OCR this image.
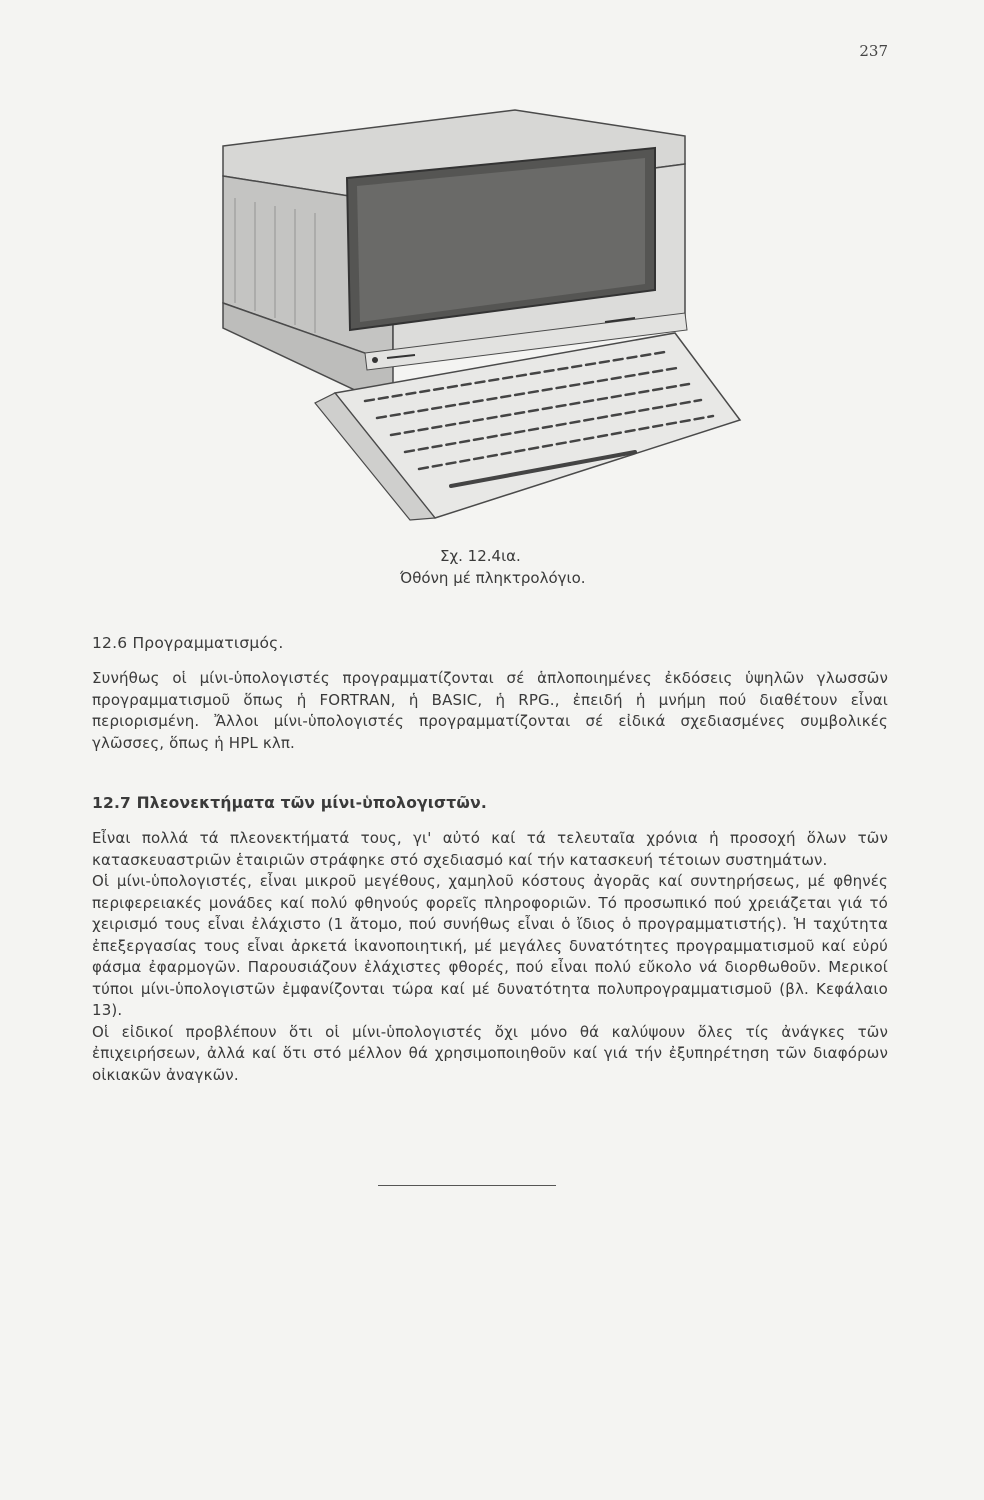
237
Σχ. 12.4ια.
Όθόνη μέ πληκτρολόγιο.
12.6 Προγραμματισμός.

Συνήθως οἱ μίνι-ὑπολογιστές προγραμματίζονται σέ ἁπλοποιημένες ἐκδόσεις ὑψηλῶν γλωσσῶν προγραμματισμοῦ ὅπως ἡ FORTRAN, ἡ BASIC, ἡ RPG., ἐπειδή ἡ μνήμη πού διαθέτουν εἶναι περιορισμένη. Ἄλλοι μίνι-ὑπολογιστές προγραμματίζονται σέ εἰδικά σχεδιασμένες συμβολικές γλῶσσες, ὅπως ἡ HPL κλπ.

12.7 Πλεονεκτήματα τῶν μίνι-ὑπολογιστῶν.

Εἶναι πολλά τά πλεονεκτήματά τους, γι' αὐτό καί τά τελευταῖα χρόνια ἡ προσοχή ὅλων τῶν κατασκευαστριῶν ἑταιριῶν στράφηκε στό σχεδιασμό καί τήν κατασκευή τέτοιων συστημάτων.

Οἱ μίνι-ὑπολογιστές, εἶναι μικροῦ μεγέθους, χαμηλοῦ κόστους ἀγορᾶς καί συντηρήσεως, μέ φθηνές περιφερειακές μονάδες καί πολύ φθηνούς φορεῖς πληροφοριῶν. Τό προσωπικό πού χρειάζεται γιά τό χειρισμό τους εἶναι ἐλάχιστο (1 ἄτομο, πού συνήθως εἶναι ὁ ἴδιος ὁ προγραμματιστής). Ἡ ταχύτητα ἐπεξεργασίας τους εἶναι ἀρκετά ἱκανοποιητική, μέ μεγάλες δυνατότητες προγραμματισμοῦ καί εὐρύ φάσμα ἐφαρμογῶν. Παρουσιάζουν ἐλάχιστες φθορές, πού εἶναι πολύ εὔκολο νά διορθωθοῦν. Μερικοί τύποι μίνι-ὑπολογιστῶν ἐμφανίζονται τώρα καί μέ δυνατότητα πολυπρογραμματισμοῦ (βλ. Κεφάλαιο 13).

Οἱ εἰδικοί προβλέπουν ὅτι οἱ μίνι-ὑπολογιστές ὄχι μόνο θά καλύψουν ὅλες τίς ἀνάγκες τῶν ἐπιχειρήσεων, ἀλλά καί ὅτι στό μέλλον θά χρησιμοποιηθοῦν καί γιά τήν ἐξυπηρέτηση τῶν διαφόρων οἰκιακῶν ἀναγκῶν.
